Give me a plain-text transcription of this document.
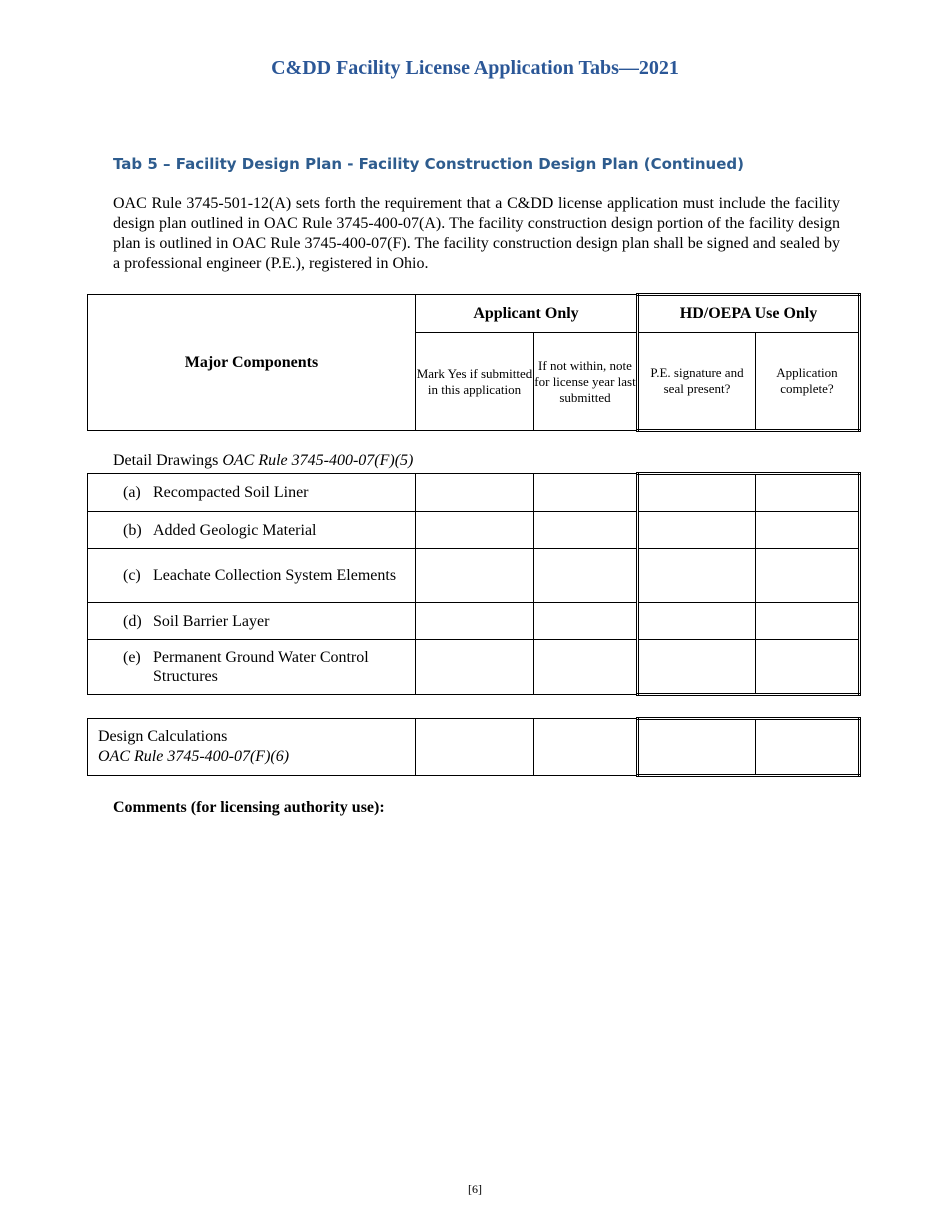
C&DD Facility License Application Tabs—2021
Tab 5 – Facility Design Plan - Facility Construction Design Plan (Continued)

OAC Rule 3745-501-12(A) sets forth the requirement that a C&DD license application must include the facility design plan outlined in OAC Rule 3745-400-07(A). The facility construction design portion of the facility design plan is outlined in OAC Rule 3745-400-07(F). The facility construction design plan shall be signed and sealed by a professional engineer (P.E.), registered in Ohio.

Major Components	Applicant Only		HD/OEPA Use Only	
	Mark Yes if submitted in this application	If not within, note for license year last submitted	P.E. signature and seal present?	Application complete?

Detail Drawings OAC Rule 3745-400-07(F)(5)

(a) Recompacted Soil Liner				

(b) Added Geologic Material				

(c) Leachate Collection System Elements				

(d) Soil Barrier Layer				

(e) Permanent Ground Water Control Structures				

Design Calculations
OAC Rule 3745-400-07(F)(6)				

Comments (for licensing authority use):

[6]
